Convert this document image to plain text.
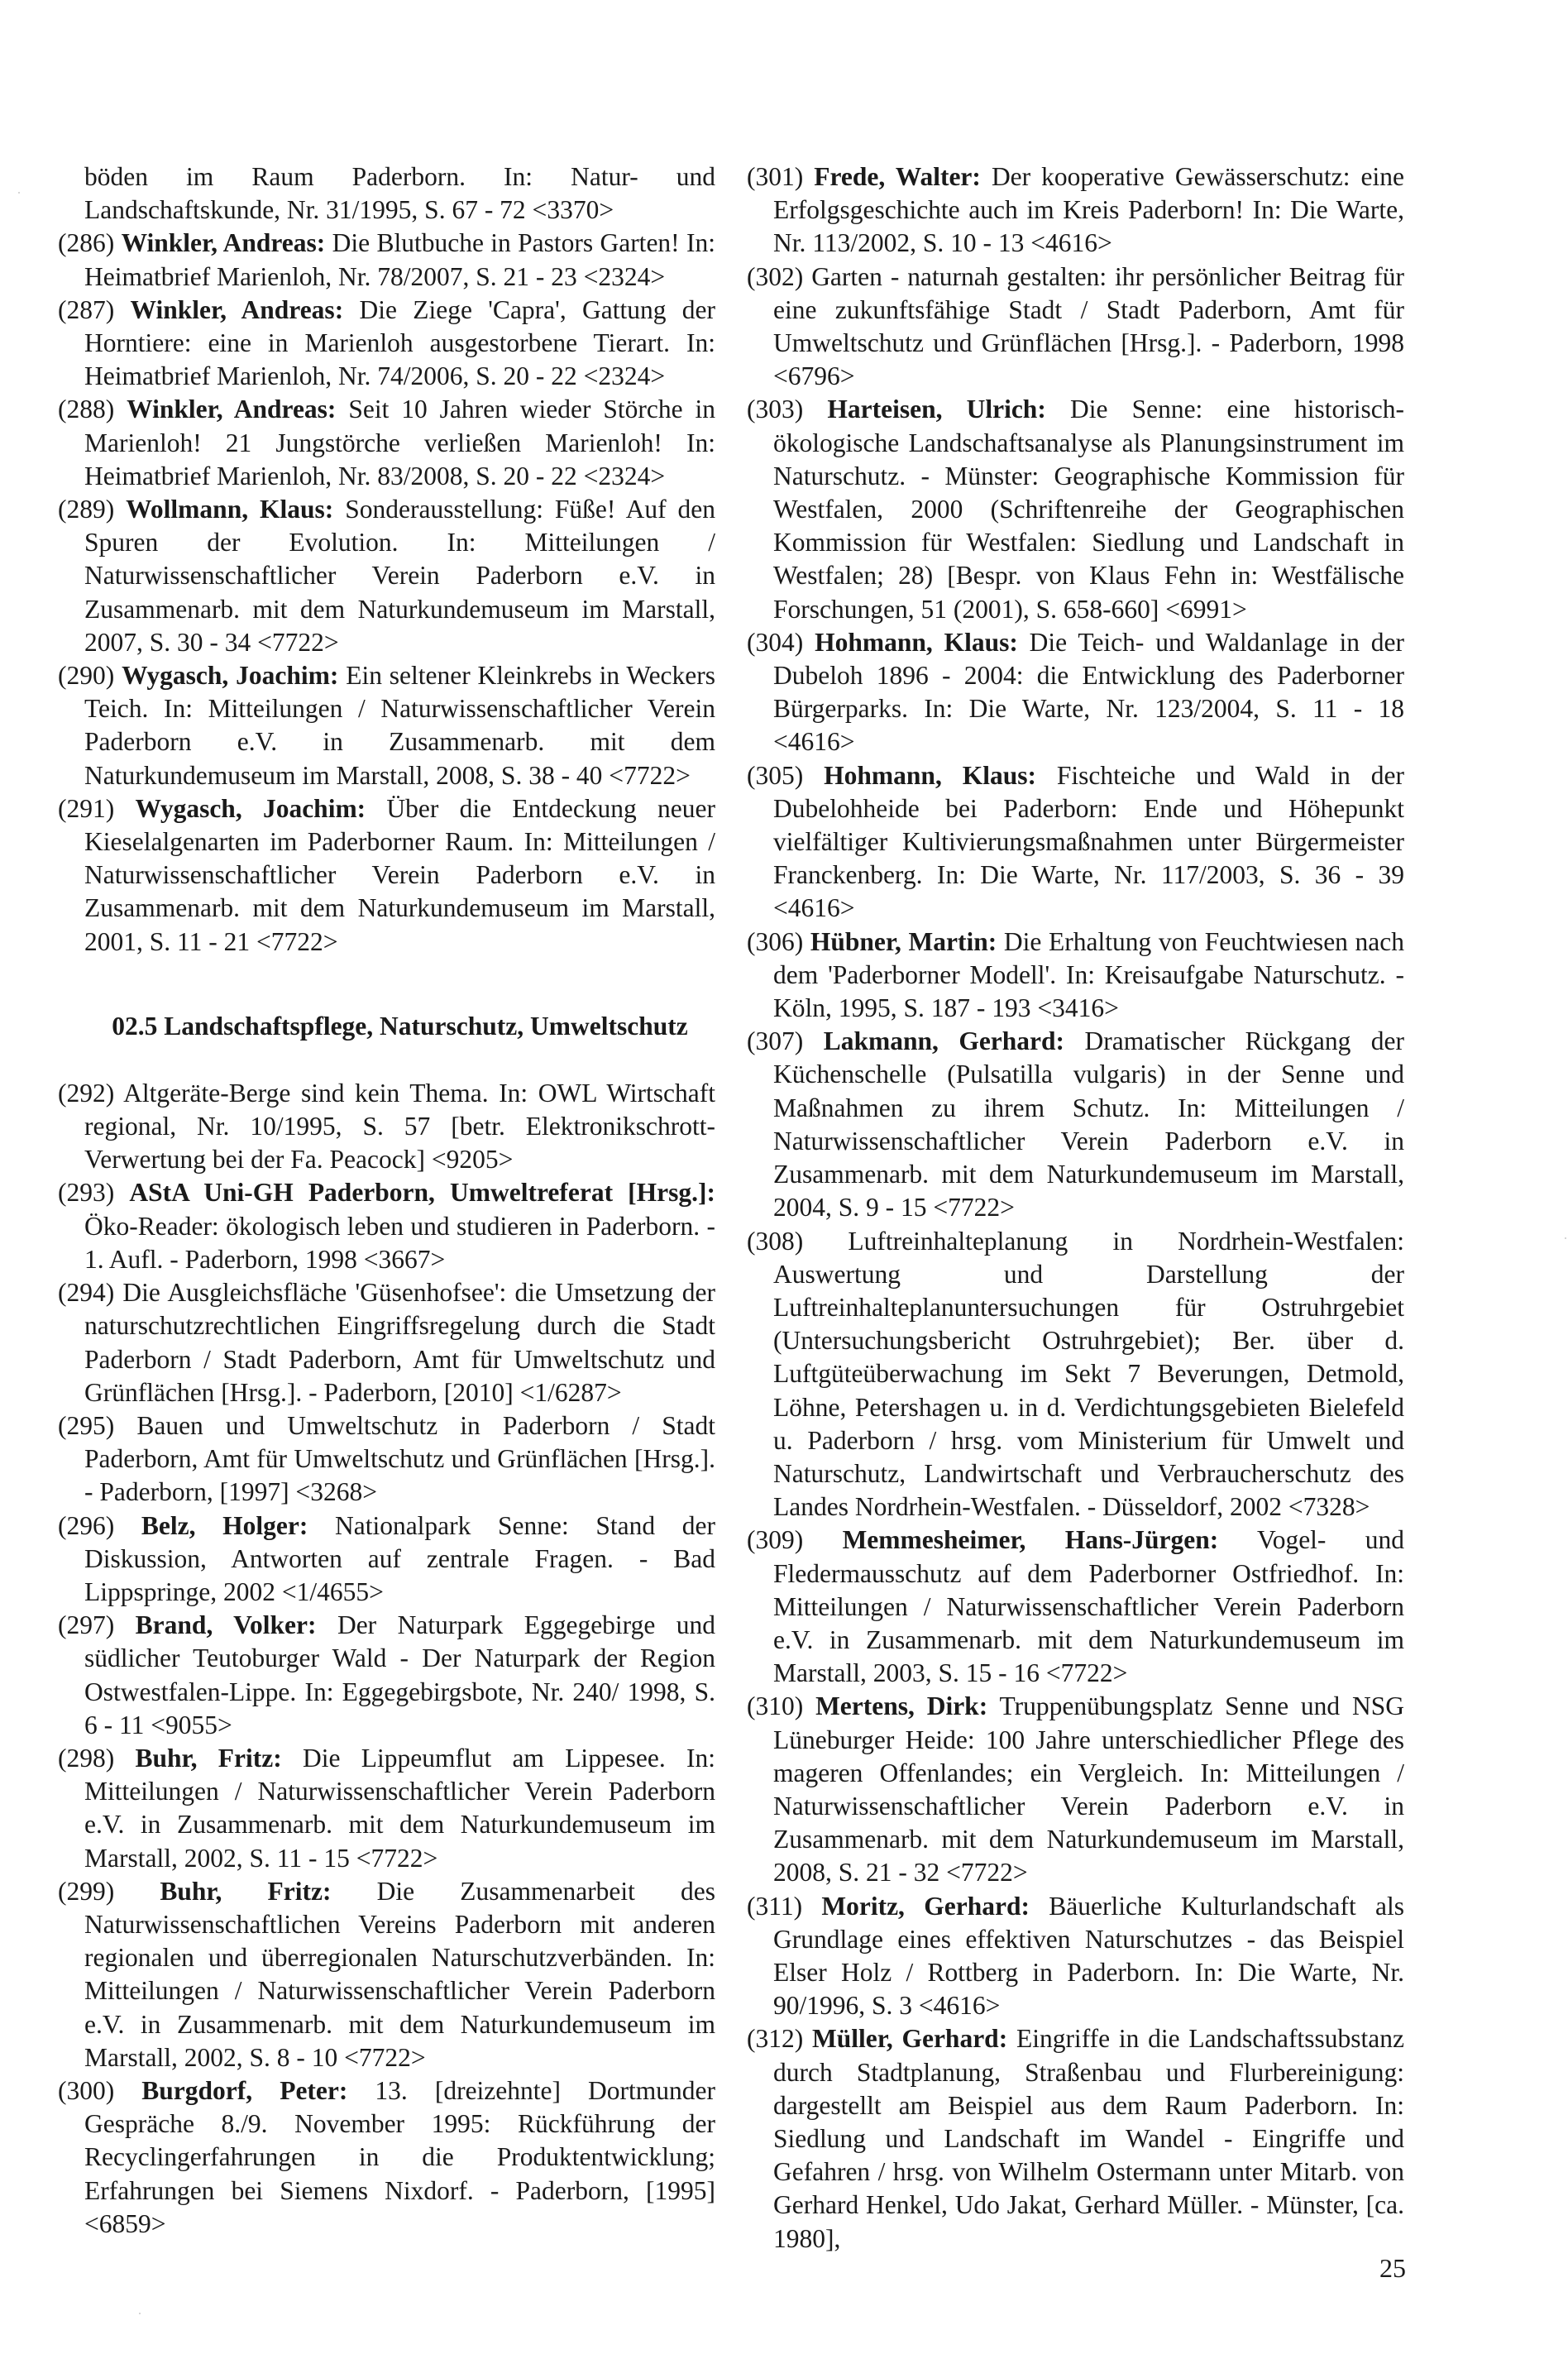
böden im Raum Paderborn. In: Natur- und Landschaftskunde, Nr. 31/1995, S. 67 - 72 <3370>

(286) Winkler, Andreas: Die Blutbuche in Pastors Garten! In: Heimatbrief Marienloh, Nr. 78/2007, S. 21 - 23 <2324>

(287) Winkler, Andreas: Die Ziege 'Capra', Gattung der Horntiere: eine in Marienloh ausgestorbene Tierart. In: Heimatbrief Marienloh, Nr. 74/2006, S. 20 - 22 <2324>

(288) Winkler, Andreas: Seit 10 Jahren wieder Störche in Marienloh! 21 Jungstörche verließen Marienloh! In: Heimatbrief Marienloh, Nr. 83/2008, S. 20 - 22 <2324>

(289) Wollmann, Klaus: Sonderausstellung: Füße! Auf den Spuren der Evolution. In: Mitteilungen / Naturwissenschaftlicher Verein Paderborn e.V. in Zusammenarb. mit dem Naturkundemuseum im Marstall, 2007, S. 30 - 34 <7722>

(290) Wygasch, Joachim: Ein seltener Kleinkrebs in Weckers Teich. In: Mitteilungen / Naturwissenschaftlicher Verein Paderborn e.V. in Zusammenarb. mit dem Naturkundemuseum im Marstall, 2008, S. 38 - 40 <7722>

(291) Wygasch, Joachim: Über die Entdeckung neuer Kieselalgenarten im Paderborner Raum. In: Mitteilungen / Naturwissenschaftlicher Verein Paderborn e.V. in Zusammenarb. mit dem Naturkundemuseum im Marstall, 2001, S. 11 - 21 <7722>

02.5 Landschaftspflege, Naturschutz, Umweltschutz

(292) Altgeräte-Berge sind kein Thema. In: OWL Wirtschaft regional, Nr. 10/1995, S. 57 [betr. Elektronikschrott-Verwertung bei der Fa. Peacock] <9205>

(293) AStA Uni-GH Paderborn, Umweltreferat [Hrsg.]: Öko-Reader: ökologisch leben und studieren in Paderborn. - 1. Aufl. - Paderborn, 1998 <3667>

(294) Die Ausgleichsfläche 'Güsenhofsee': die Umsetzung der naturschutzrechtlichen Eingriffsregelung durch die Stadt Paderborn / Stadt Paderborn, Amt für Umweltschutz und Grünflächen [Hrsg.]. - Paderborn, [2010] <1/6287>

(295) Bauen und Umweltschutz in Paderborn / Stadt Paderborn, Amt für Umweltschutz und Grünflächen [Hrsg.]. - Paderborn, [1997] <3268>

(296) Belz, Holger: Nationalpark Senne: Stand der Diskussion, Antworten auf zentrale Fragen. - Bad Lippspringe, 2002 <1/4655>

(297) Brand, Volker: Der Naturpark Eggegebirge und südlicher Teutoburger Wald - Der Naturpark der Region Ostwestfalen-Lippe. In: Eggegebirgsbote, Nr. 240/ 1998, S. 6 - 11 <9055>

(298) Buhr, Fritz: Die Lippeumflut am Lippesee. In: Mitteilungen / Naturwissenschaftlicher Verein Paderborn e.V. in Zusammenarb. mit dem Naturkundemuseum im Marstall, 2002, S. 11 - 15 <7722>

(299) Buhr, Fritz: Die Zusammenarbeit des Naturwissenschaftlichen Vereins Paderborn mit anderen regionalen und überregionalen Naturschutzverbänden. In: Mitteilungen / Naturwissenschaftlicher Verein Paderborn e.V. in Zusammenarb. mit dem Naturkundemuseum im Marstall, 2002, S. 8 - 10 <7722>

(300) Burgdorf, Peter: 13. [dreizehnte] Dortmunder Gespräche 8./9. November 1995: Rückführung der Recyclingerfahrungen in die Produktentwicklung; Erfahrungen bei Siemens Nixdorf. - Paderborn, [1995] <6859>

(301) Frede, Walter: Der kooperative Gewässerschutz: eine Erfolgsgeschichte auch im Kreis Paderborn! In: Die Warte, Nr. 113/2002, S. 10 - 13 <4616>

(302) Garten - naturnah gestalten: ihr persönlicher Beitrag für eine zukunftsfähige Stadt / Stadt Paderborn, Amt für Umweltschutz und Grünflächen [Hrsg.]. - Paderborn, 1998 <6796>

(303) Harteisen, Ulrich: Die Senne: eine historisch-ökologische Landschaftsanalyse als Planungsinstrument im Naturschutz. - Münster: Geographische Kommission für Westfalen, 2000 (Schriftenreihe der Geographischen Kommission für Westfalen: Siedlung und Landschaft in Westfalen; 28) [Bespr. von Klaus Fehn in: Westfälische Forschungen, 51 (2001), S. 658-660] <6991>

(304) Hohmann, Klaus: Die Teich- und Waldanlage in der Dubeloh 1896 - 2004: die Entwicklung des Paderborner Bürgerparks. In: Die Warte, Nr. 123/2004, S. 11 - 18 <4616>

(305) Hohmann, Klaus: Fischteiche und Wald in der Dubelohheide bei Paderborn: Ende und Höhepunkt vielfältiger Kultivierungsmaßnahmen unter Bürgermeister Franckenberg. In: Die Warte, Nr. 117/2003, S. 36 - 39 <4616>

(306) Hübner, Martin: Die Erhaltung von Feuchtwiesen nach dem 'Paderborner Modell'. In: Kreisaufgabe Naturschutz. - Köln, 1995, S. 187 - 193 <3416>

(307) Lakmann, Gerhard: Dramatischer Rückgang der Küchenschelle (Pulsatilla vulgaris) in der Senne und Maßnahmen zu ihrem Schutz. In: Mitteilungen / Naturwissenschaftlicher Verein Paderborn e.V. in Zusammenarb. mit dem Naturkundemuseum im Marstall, 2004, S. 9 - 15 <7722>

(308) Luftreinhalteplanung in Nordrhein-Westfalen: Auswertung und Darstellung der Luftreinhalteplanuntersuchungen für Ostruhrgebiet (Untersuchungsbericht Ostruhrgebiet); Ber. über d. Luftgüteüberwachung im Sekt 7 Beverungen, Detmold, Löhne, Petershagen u. in d. Verdichtungsgebieten Bielefeld u. Paderborn / hrsg. vom Ministerium für Umwelt und Naturschutz, Landwirtschaft und Verbraucherschutz des Landes Nordrhein-Westfalen. - Düsseldorf, 2002 <7328>

(309) Memmesheimer, Hans-Jürgen: Vogel- und Fledermausschutz auf dem Paderborner Ostfriedhof. In: Mitteilungen / Naturwissenschaftlicher Verein Paderborn e.V. in Zusammenarb. mit dem Naturkundemuseum im Marstall, 2003, S. 15 - 16 <7722>

(310) Mertens, Dirk: Truppenübungsplatz Senne und NSG Lüneburger Heide: 100 Jahre unterschiedlicher Pflege des mageren Offenlandes; ein Vergleich. In: Mitteilungen / Naturwissenschaftlicher Verein Paderborn e.V. in Zusammenarb. mit dem Naturkundemuseum im Marstall, 2008, S. 21 - 32 <7722>

(311) Moritz, Gerhard: Bäuerliche Kulturlandschaft als Grundlage eines effektiven Naturschutzes - das Beispiel Elser Holz / Rottberg in Paderborn. In: Die Warte, Nr. 90/1996, S. 3 <4616>

(312) Müller, Gerhard: Eingriffe in die Landschaftssubstanz durch Stadtplanung, Straßenbau und Flurbereinigung: dargestellt am Beispiel aus dem Raum Paderborn. In: Siedlung und Landschaft im Wandel - Eingriffe und Gefahren / hrsg. von Wilhelm Ostermann unter Mitarb. von Gerhard Henkel, Udo Jakat, Gerhard Müller. - Münster, [ca. 1980],

25
